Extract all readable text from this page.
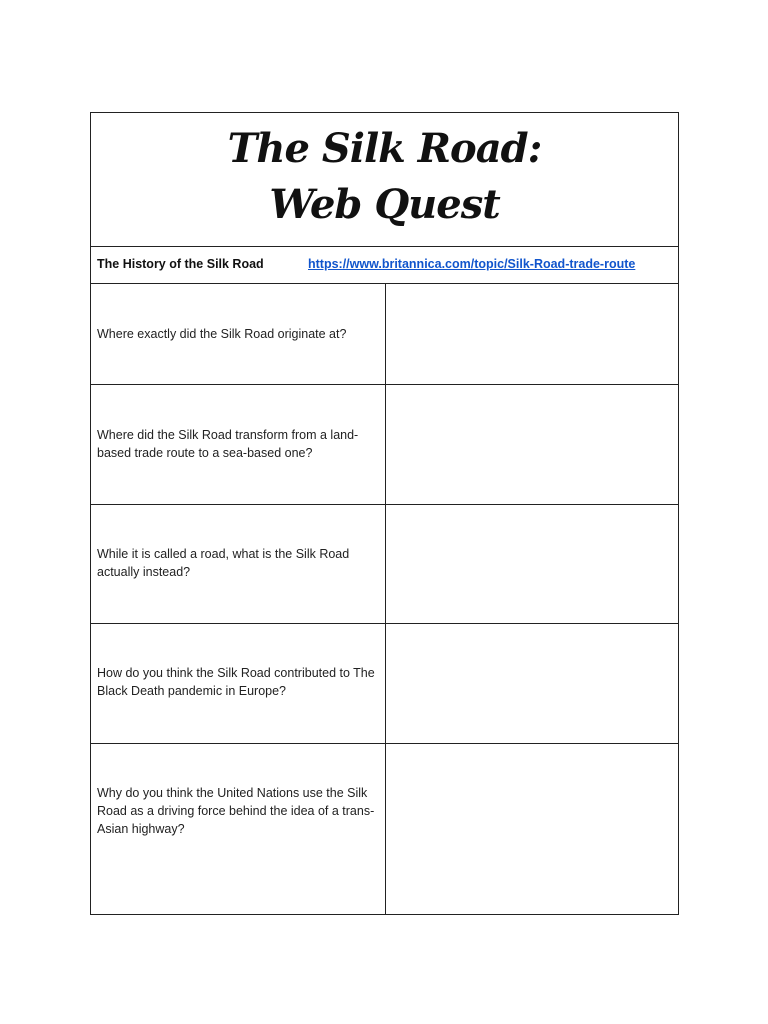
The Silk Road:
Web Quest
The History of the Silk Road	https://www.britannica.com/topic/Silk-Road-trade-route
Where exactly did the Silk Road originate at?
Where did the Silk Road transform from a land-based trade route to a sea-based one?
While it is called a road, what is the Silk Road actually instead?
How do you think the Silk Road contributed to The Black Death pandemic in Europe?
Why do you think the United Nations use the Silk Road as a driving force behind the idea of a trans-Asian highway?
